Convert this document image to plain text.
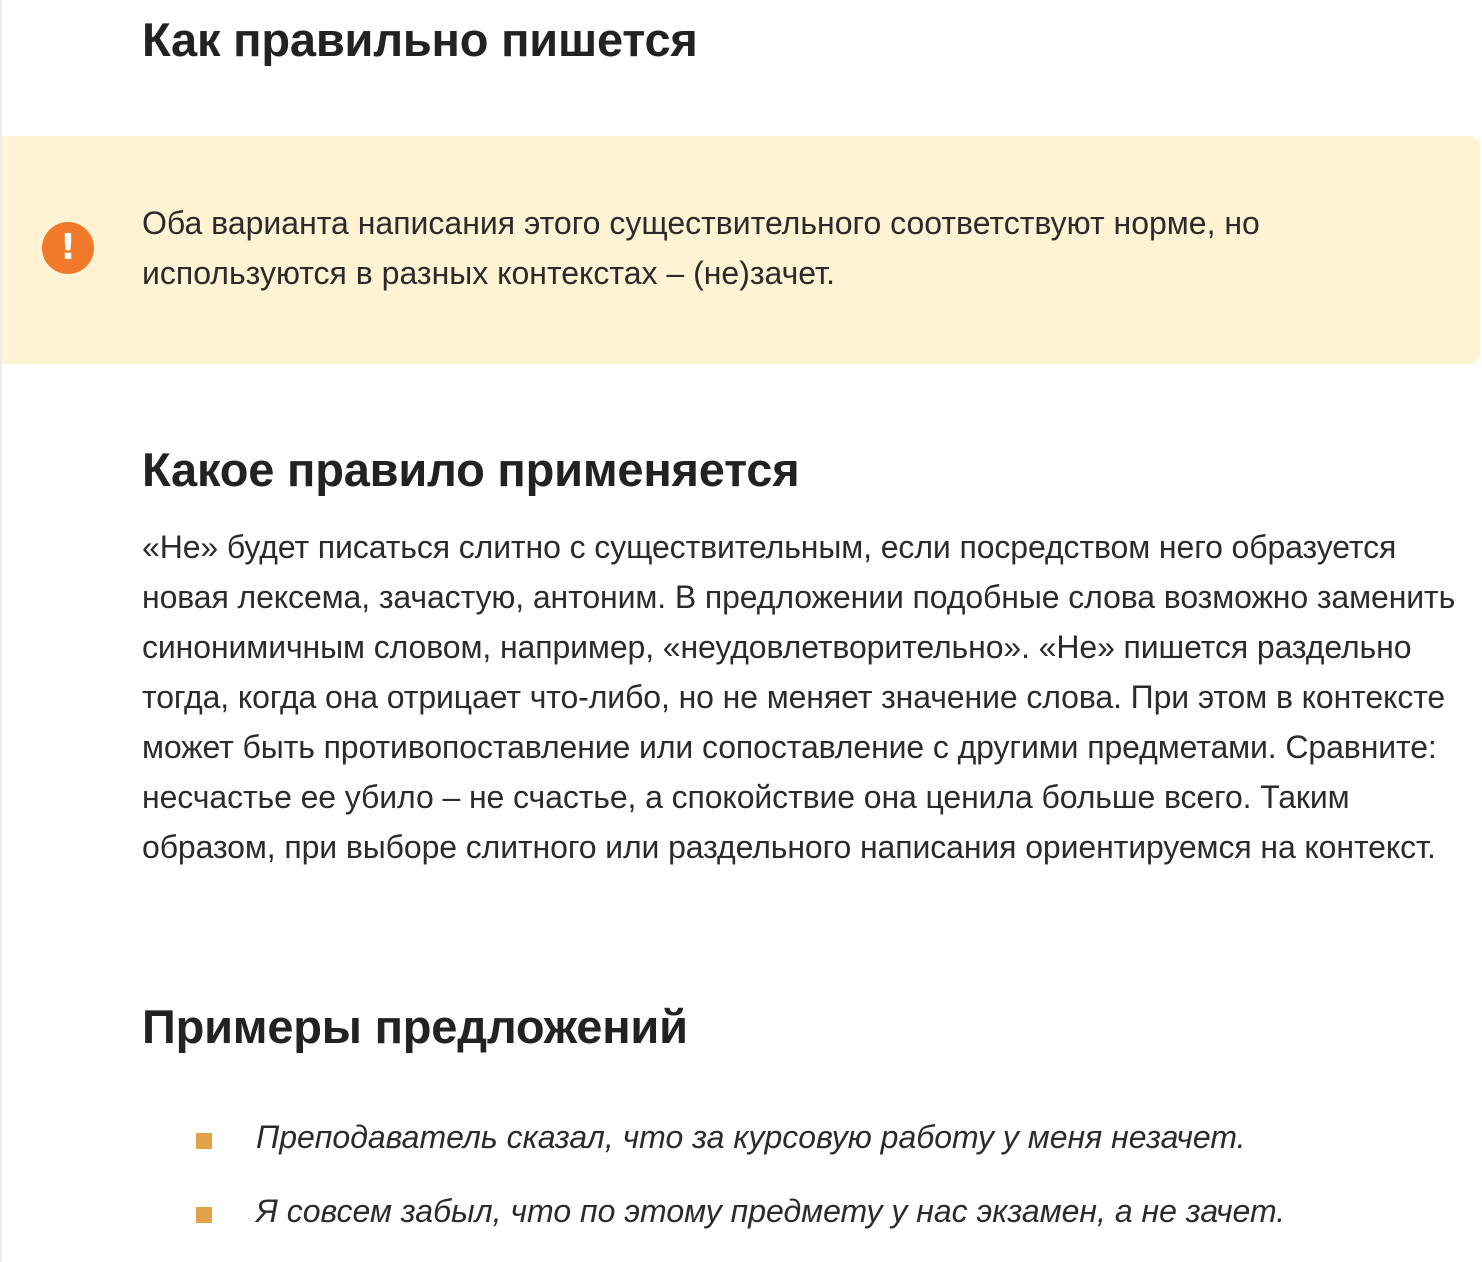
Как правильно пишется
!

Оба варианта написания этого существительного соответствуют норме, но используются в разных контекстах – (не)зачет.

Какое правило применяется

«Не» будет писаться слитно с существительным, если посредством него образуется новая лексема, зачастую, антоним. В предложении подобные слова возможно заменить синонимичным словом, например, «неудовлетворительно». «Не» пишется раздельно тогда, когда она отрицает что-либо, но не меняет значение слова. При этом в контексте может быть противопоставление или сопоставление с другими предметами. Сравните: несчастье ее убило – не счастье, а спокойствие она ценила больше всего. Таким образом, при выборе слитного или раздельного написания ориентируемся на контекст.

Примеры предложений
Преподаватель сказал, что за курсовую работу у меня незачет.
Я совсем забыл, что по этому предмету у нас экзамен, а не зачет.
